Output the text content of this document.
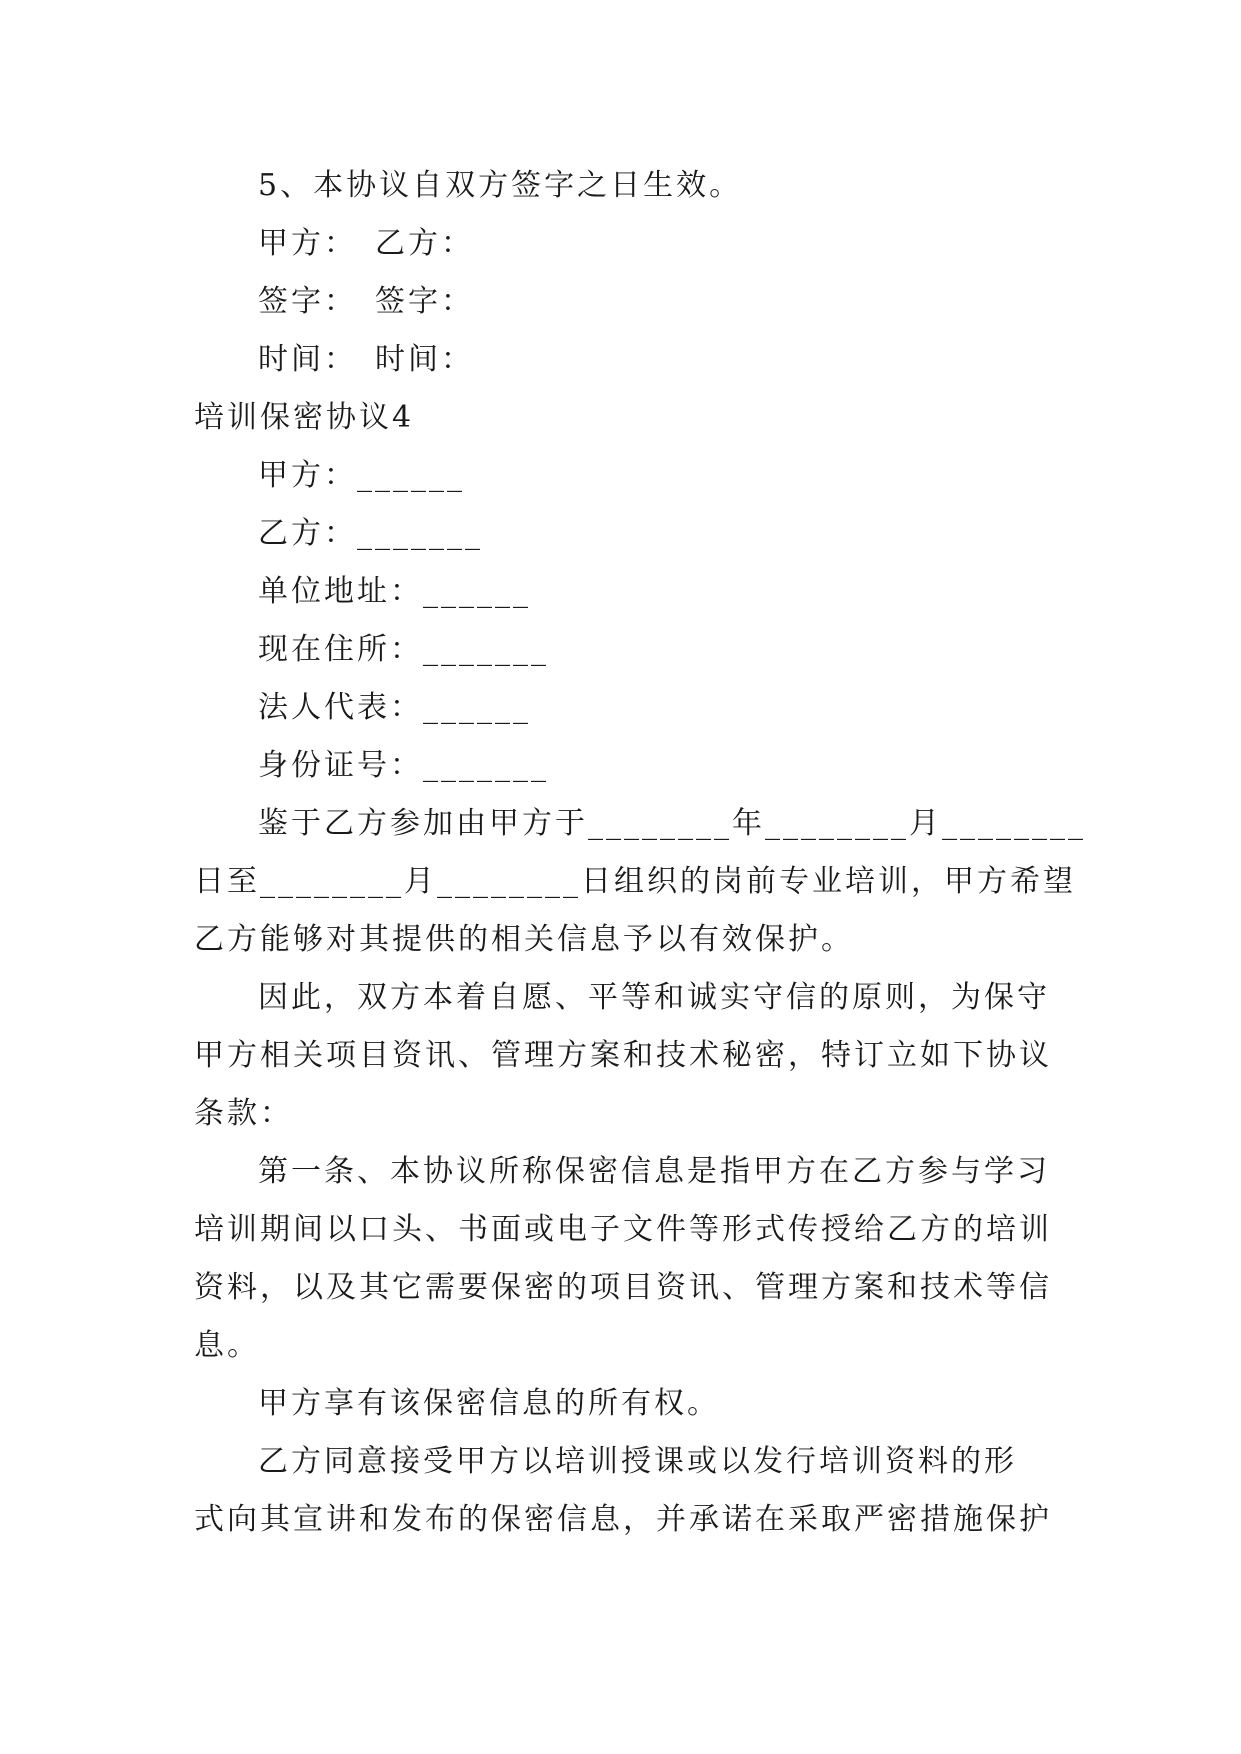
5、本协议自双方签字之日生效。
甲方：　乙方：
签字：　签字：
时间：　时间：
培训保密协议4
甲方：______
乙方：_______
单位地址：______
现在住所：_______
法人代表：______
身份证号：_______
鉴于乙方参加由甲方于________年________月________
日至________月________日组织的岗前专业培训，甲方希望
乙方能够对其提供的相关信息予以有效保护。
因此，双方本着自愿、平等和诚实守信的原则，为保守
甲方相关项目资讯、管理方案和技术秘密，特订立如下协议
条款：
第一条、本协议所称保密信息是指甲方在乙方参与学习
培训期间以口头、书面或电子文件等形式传授给乙方的培训
资料，以及其它需要保密的项目资讯、管理方案和技术等信
息。
甲方享有该保密信息的所有权。
乙方同意接受甲方以培训授课或以发行培训资料的形
式向其宣讲和发布的保密信息，并承诺在采取严密措施保护
